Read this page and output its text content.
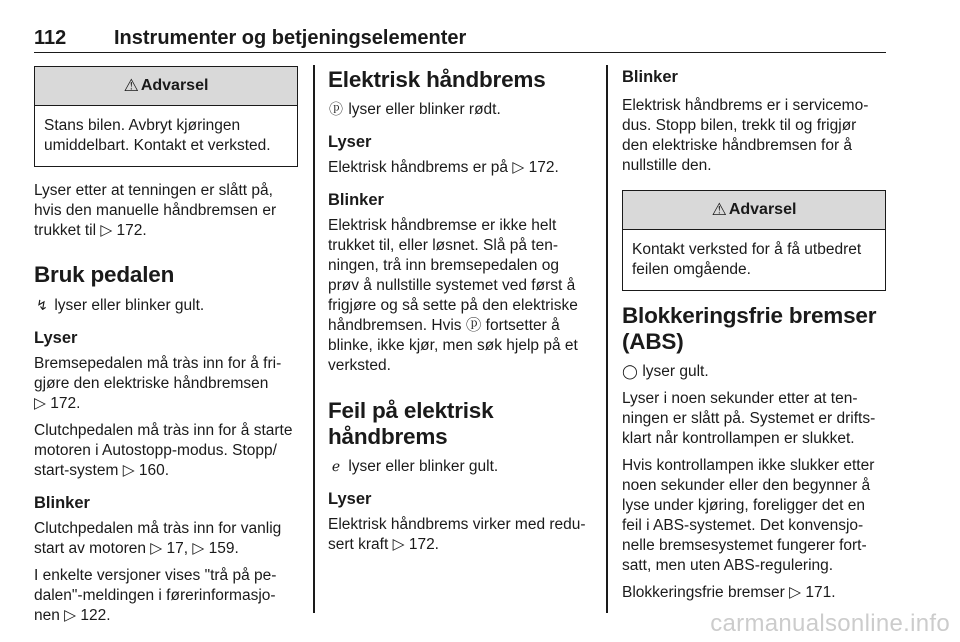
112 Instrumenter og betjeningselementer
⚠ Advarsel
Stans bilen. Avbryt kjøringen
umiddelbart. Kontakt et verksted.

Lyser etter at tenningen er slått på,
hvis den manuelle håndbremsen er
trukket til ▷ 172.

Bruk pedalen

↯ lyser eller blinker gult.

Lyser

Bremsepedalen må tràs inn for å fri-
gjøre den elektriske håndbremsen
▷ 172.

Clutchpedalen må tràs inn for å starte
motoren i Autostopp-modus. Stopp/
start-system ▷ 160.

Blinker

Clutchpedalen må tràs inn for vanlig
start av motoren ▷ 17, ▷ 159.

I enkelte versjoner vises "trå på pe-
dalen"-meldingen i førerinformasjo-
nen ▷ 122.

Elektrisk håndbrems

ⓟ lyser eller blinker rødt.

Lyser

Elektrisk håndbrems er på ▷ 172.

Blinker

Elektrisk håndbremse er ikke helt
trukket til, eller løsnet. Slå på ten-
ningen, trå inn bremsepedalen og
prøv å nullstille systemet ved først å
frigjøre og så sette på den elektriske
håndbremsen. Hvis ⓟ fortsetter å
blinke, ikke kjør, men søk hjelp på et
verksted.

Feil på elektrisk håndbrems

ℯ lyser eller blinker gult.

Lyser

Elektrisk håndbrems virker med redu-
sert kraft ▷ 172.

Blinker

Elektrisk håndbrems er i servicemo-
dus. Stopp bilen, trekk til og frigjør
den elektriske håndbremsen for å
nullstille den.

⚠ Advarsel
Kontakt verksted for å få utbedret
feilen omgående.
Blokkeringsfrie bremser
(ABS)

◯ lyser gult.

Lyser i noen sekunder etter at ten-
ningen er slått på. Systemet er drifts-
klart når kontrollampen er slukket.

Hvis kontrollampen ikke slukker etter
noen sekunder eller den begynner å
lyse under kjøring, foreligger det en
feil i ABS-systemet. Det konvensjo-
nelle bremsesystemet fungerer fort-
satt, men uten ABS-regulering.

Blokkeringsfrie bremser ▷ 171.

carmanualsonline.info
